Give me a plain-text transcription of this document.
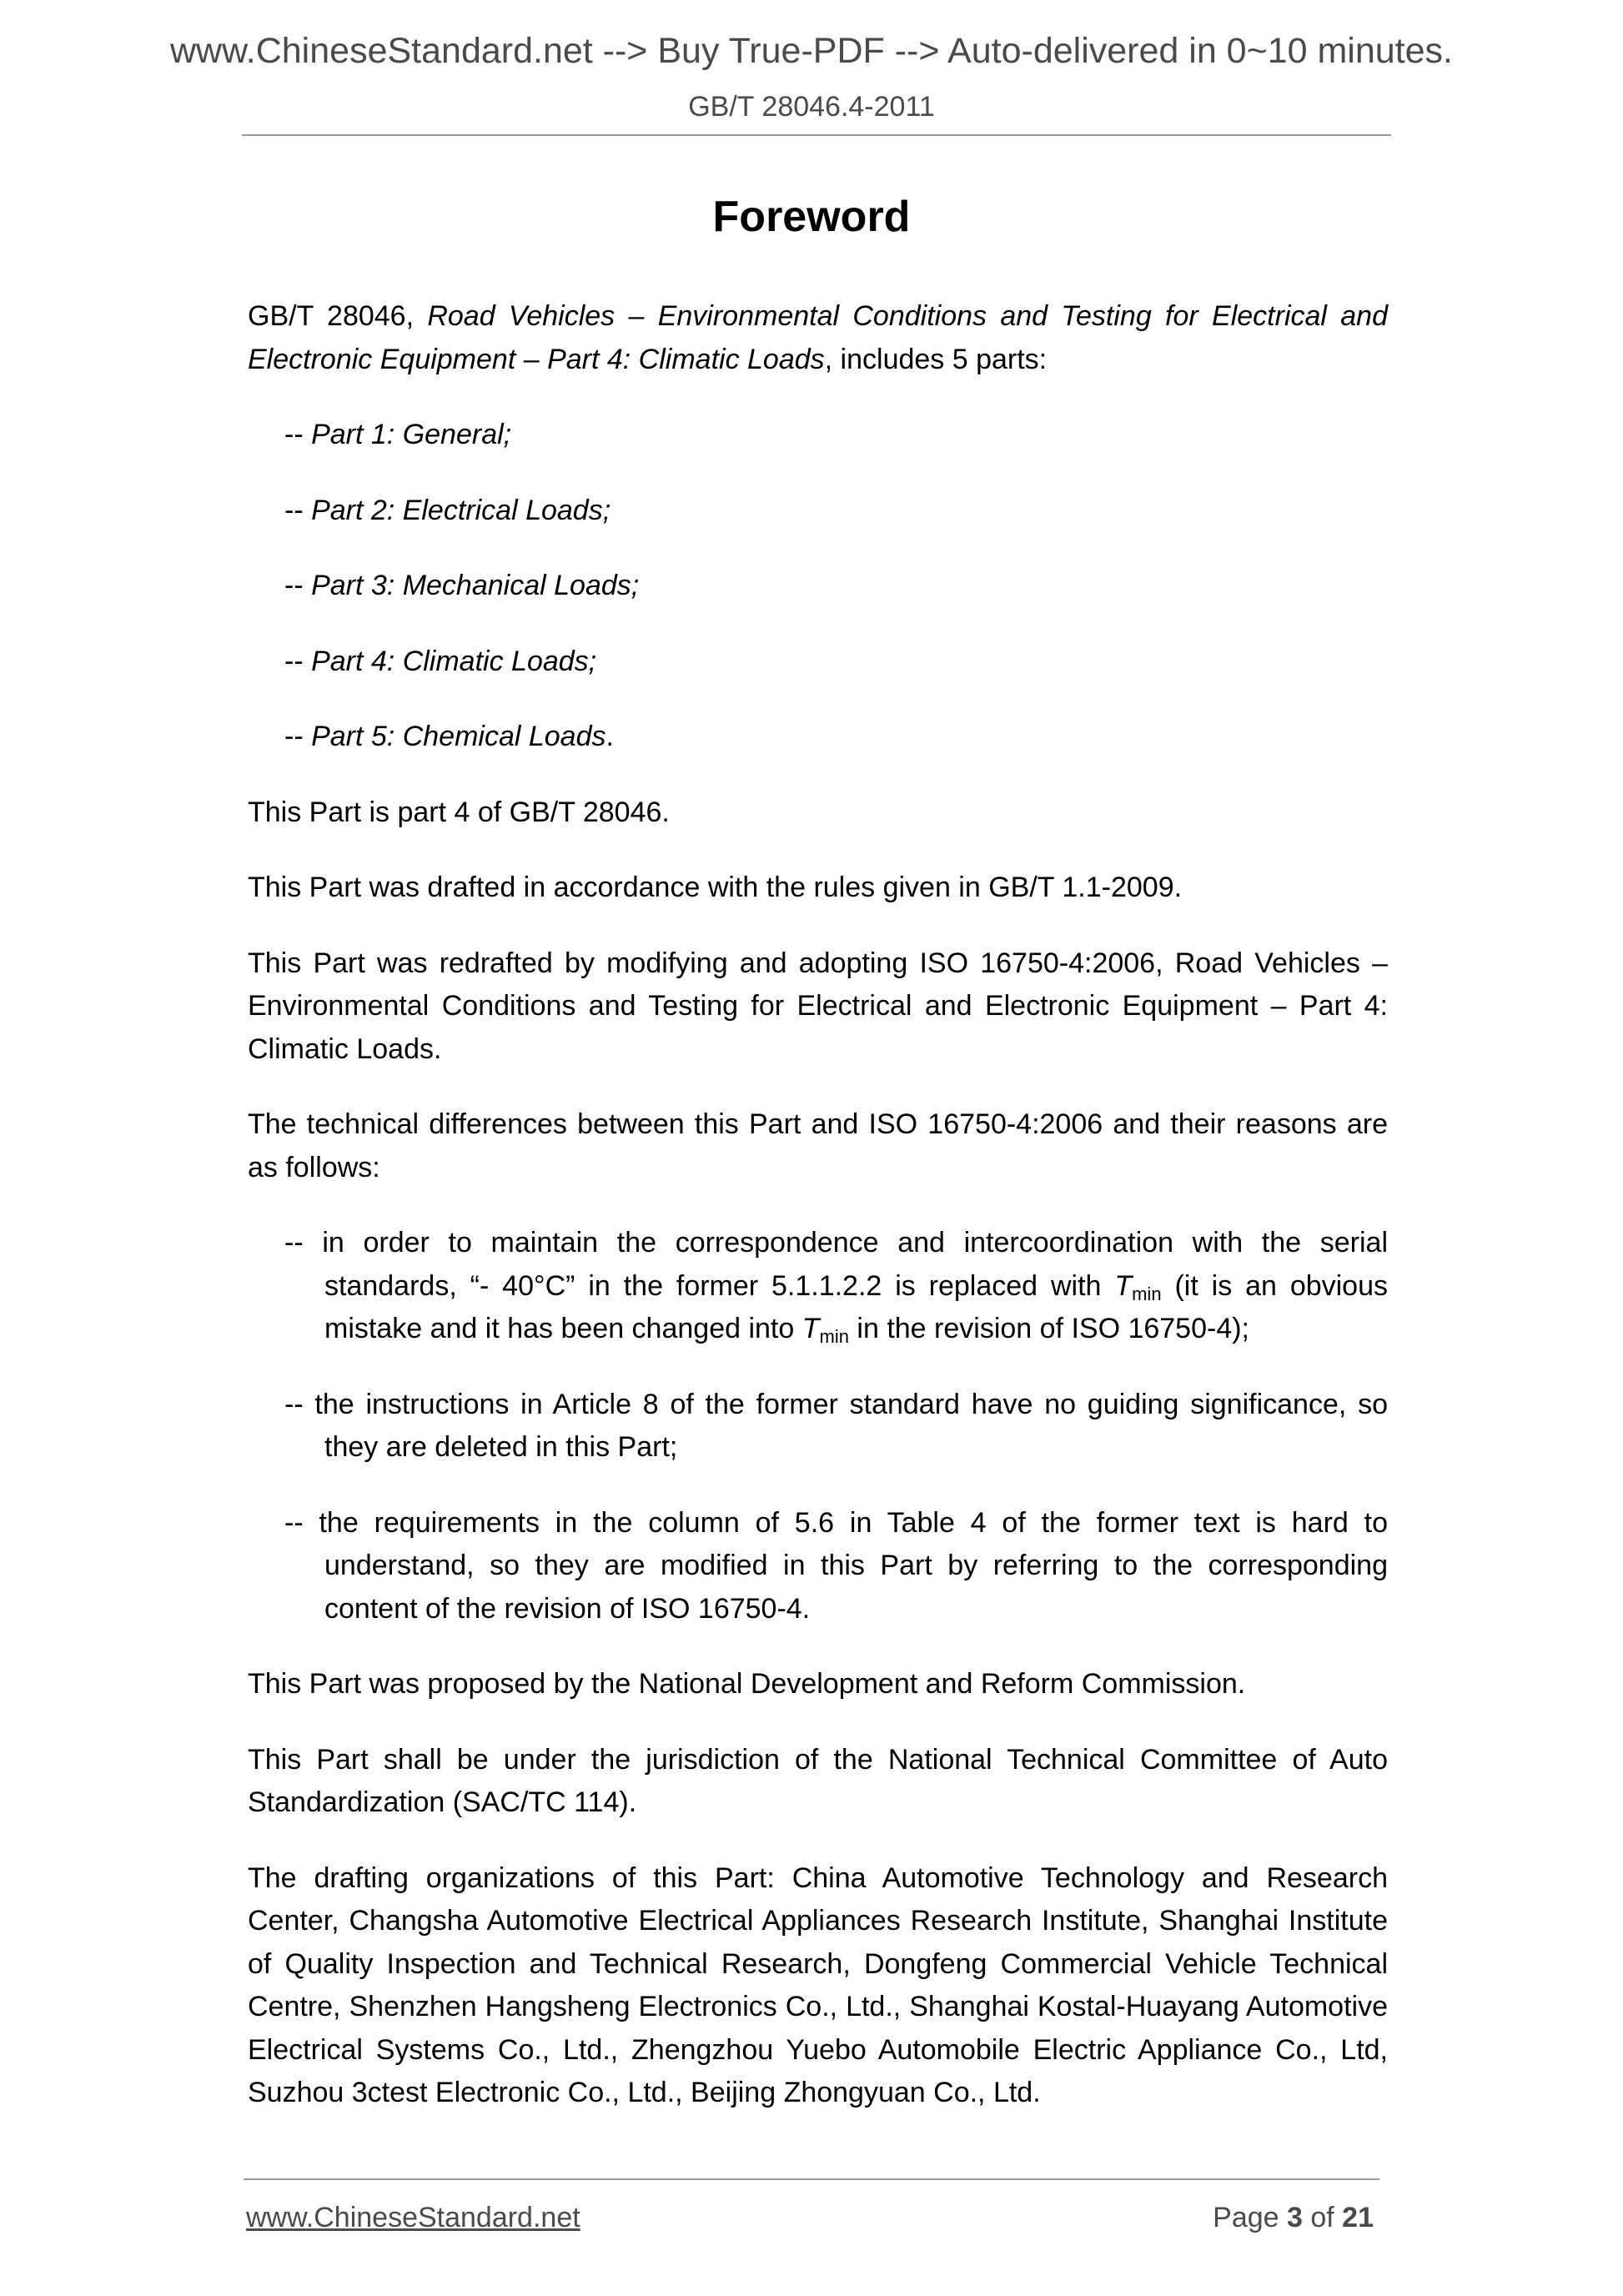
www.ChineseStandard.net --> Buy True-PDF --> Auto-delivered in 0~10 minutes.
GB/T 28046.4-2011
Foreword

GB/T 28046, Road Vehicles – Environmental Conditions and Testing for Electrical and Electronic Equipment – Part 4: Climatic Loads, includes 5 parts:

-- Part 1: General;

-- Part 2: Electrical Loads;

-- Part 3: Mechanical Loads;

-- Part 4: Climatic Loads;

-- Part 5: Chemical Loads.

This Part is part 4 of GB/T 28046.

This Part was drafted in accordance with the rules given in GB/T 1.1-2009.

This Part was redrafted by modifying and adopting ISO 16750-4:2006, Road Vehicles – Environmental Conditions and Testing for Electrical and Electronic Equipment – Part 4: Climatic Loads.

The technical differences between this Part and ISO 16750-4:2006 and their reasons are as follows:

-- in order to maintain the correspondence and intercoordination with the serial standards, “- 40°C” in the former 5.1.1.2.2 is replaced with $T_{min}$ (it is an obvious mistake and it has been changed into $T_{min}$ in the revision of ISO 16750-4);

-- the instructions in Article 8 of the former standard have no guiding significance, so they are deleted in this Part;

-- the requirements in the column of 5.6 in Table 4 of the former text is hard to understand, so they are modified in this Part by referring to the corresponding content of the revision of ISO 16750-4.

This Part was proposed by the National Development and Reform Commission.

This Part shall be under the jurisdiction of the National Technical Committee of Auto Standardization (SAC/TC 114).

The drafting organizations of this Part: China Automotive Technology and Research Center, Changsha Automotive Electrical Appliances Research Institute, Shanghai Institute of Quality Inspection and Technical Research, Dongfeng Commercial Vehicle Technical Centre, Shenzhen Hangsheng Electronics Co., Ltd., Shanghai Kostal-Huayang Automotive Electrical Systems Co., Ltd., Zhengzhou Yuebo Automobile Electric Appliance Co., Ltd, Suzhou 3ctest Electronic Co., Ltd., Beijing Zhongyuan Co., Ltd.

www.ChineseStandard.net	Page 3 of 21
